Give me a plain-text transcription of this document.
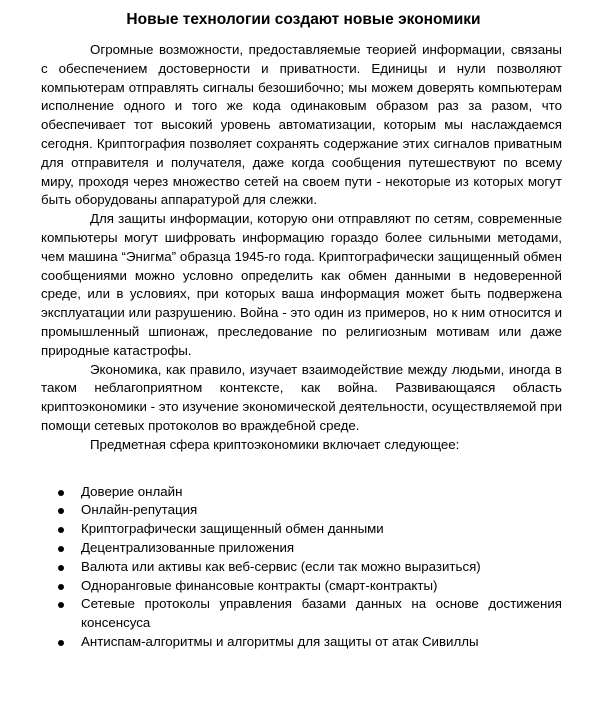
Новые технологии создают новые экономики

Огромные возможности, предоставляемые теорией информации, связаны с обеспечением достоверности и приватности. Единицы и нули позволяют компьютерам отправлять сигналы безошибочно; мы можем доверять компьютерам исполнение одного и того же кода одинаковым образом раз за разом, что обеспечивает тот высокий уровень автоматизации, которым мы наслаждаемся сегодня. Криптография позволяет сохранять содержание этих сигналов приватным для отправителя и получателя, даже когда сообщения путешествуют по всему миру, проходя через множество сетей на своем пути - некоторые из которых могут быть оборудованы аппаратурой для слежки.

Для защиты информации, которую они отправляют по сетям, современные компьютеры могут шифровать информацию гораздо более сильными методами, чем машина “Энигма” образца 1945-го года. Криптографически защищенный обмен сообщениями можно условно определить как обмен данными в недоверенной среде, или в условиях, при которых ваша информация может быть подвержена эксплуатации или разрушению. Война - это один из примеров, но к ним относится и промышленный шпионаж, преследование по религиозным мотивам или даже природные катастрофы.

Экономика, как правило, изучает взаимодействие между людьми, иногда в таком неблагоприятном контексте, как война. Развивающаяся область криптоэкономики - это изучение экономической деятельности, осуществляемой при помощи сетевых протоколов во враждебной среде.

Предметная сфера криптоэкономики включает следующее:

Доверие онлайн
Онлайн-репутация
Криптографически защищенный обмен данными
Децентрализованные приложения
Валюта или активы как веб-сервис (если так можно выразиться)
Одноранговые финансовые контракты (смарт-контракты)
Сетевые протоколы управления базами данных на основе достижения консенсуса
Антиспам-алгоритмы и алгоритмы для защиты от атак Сивиллы
